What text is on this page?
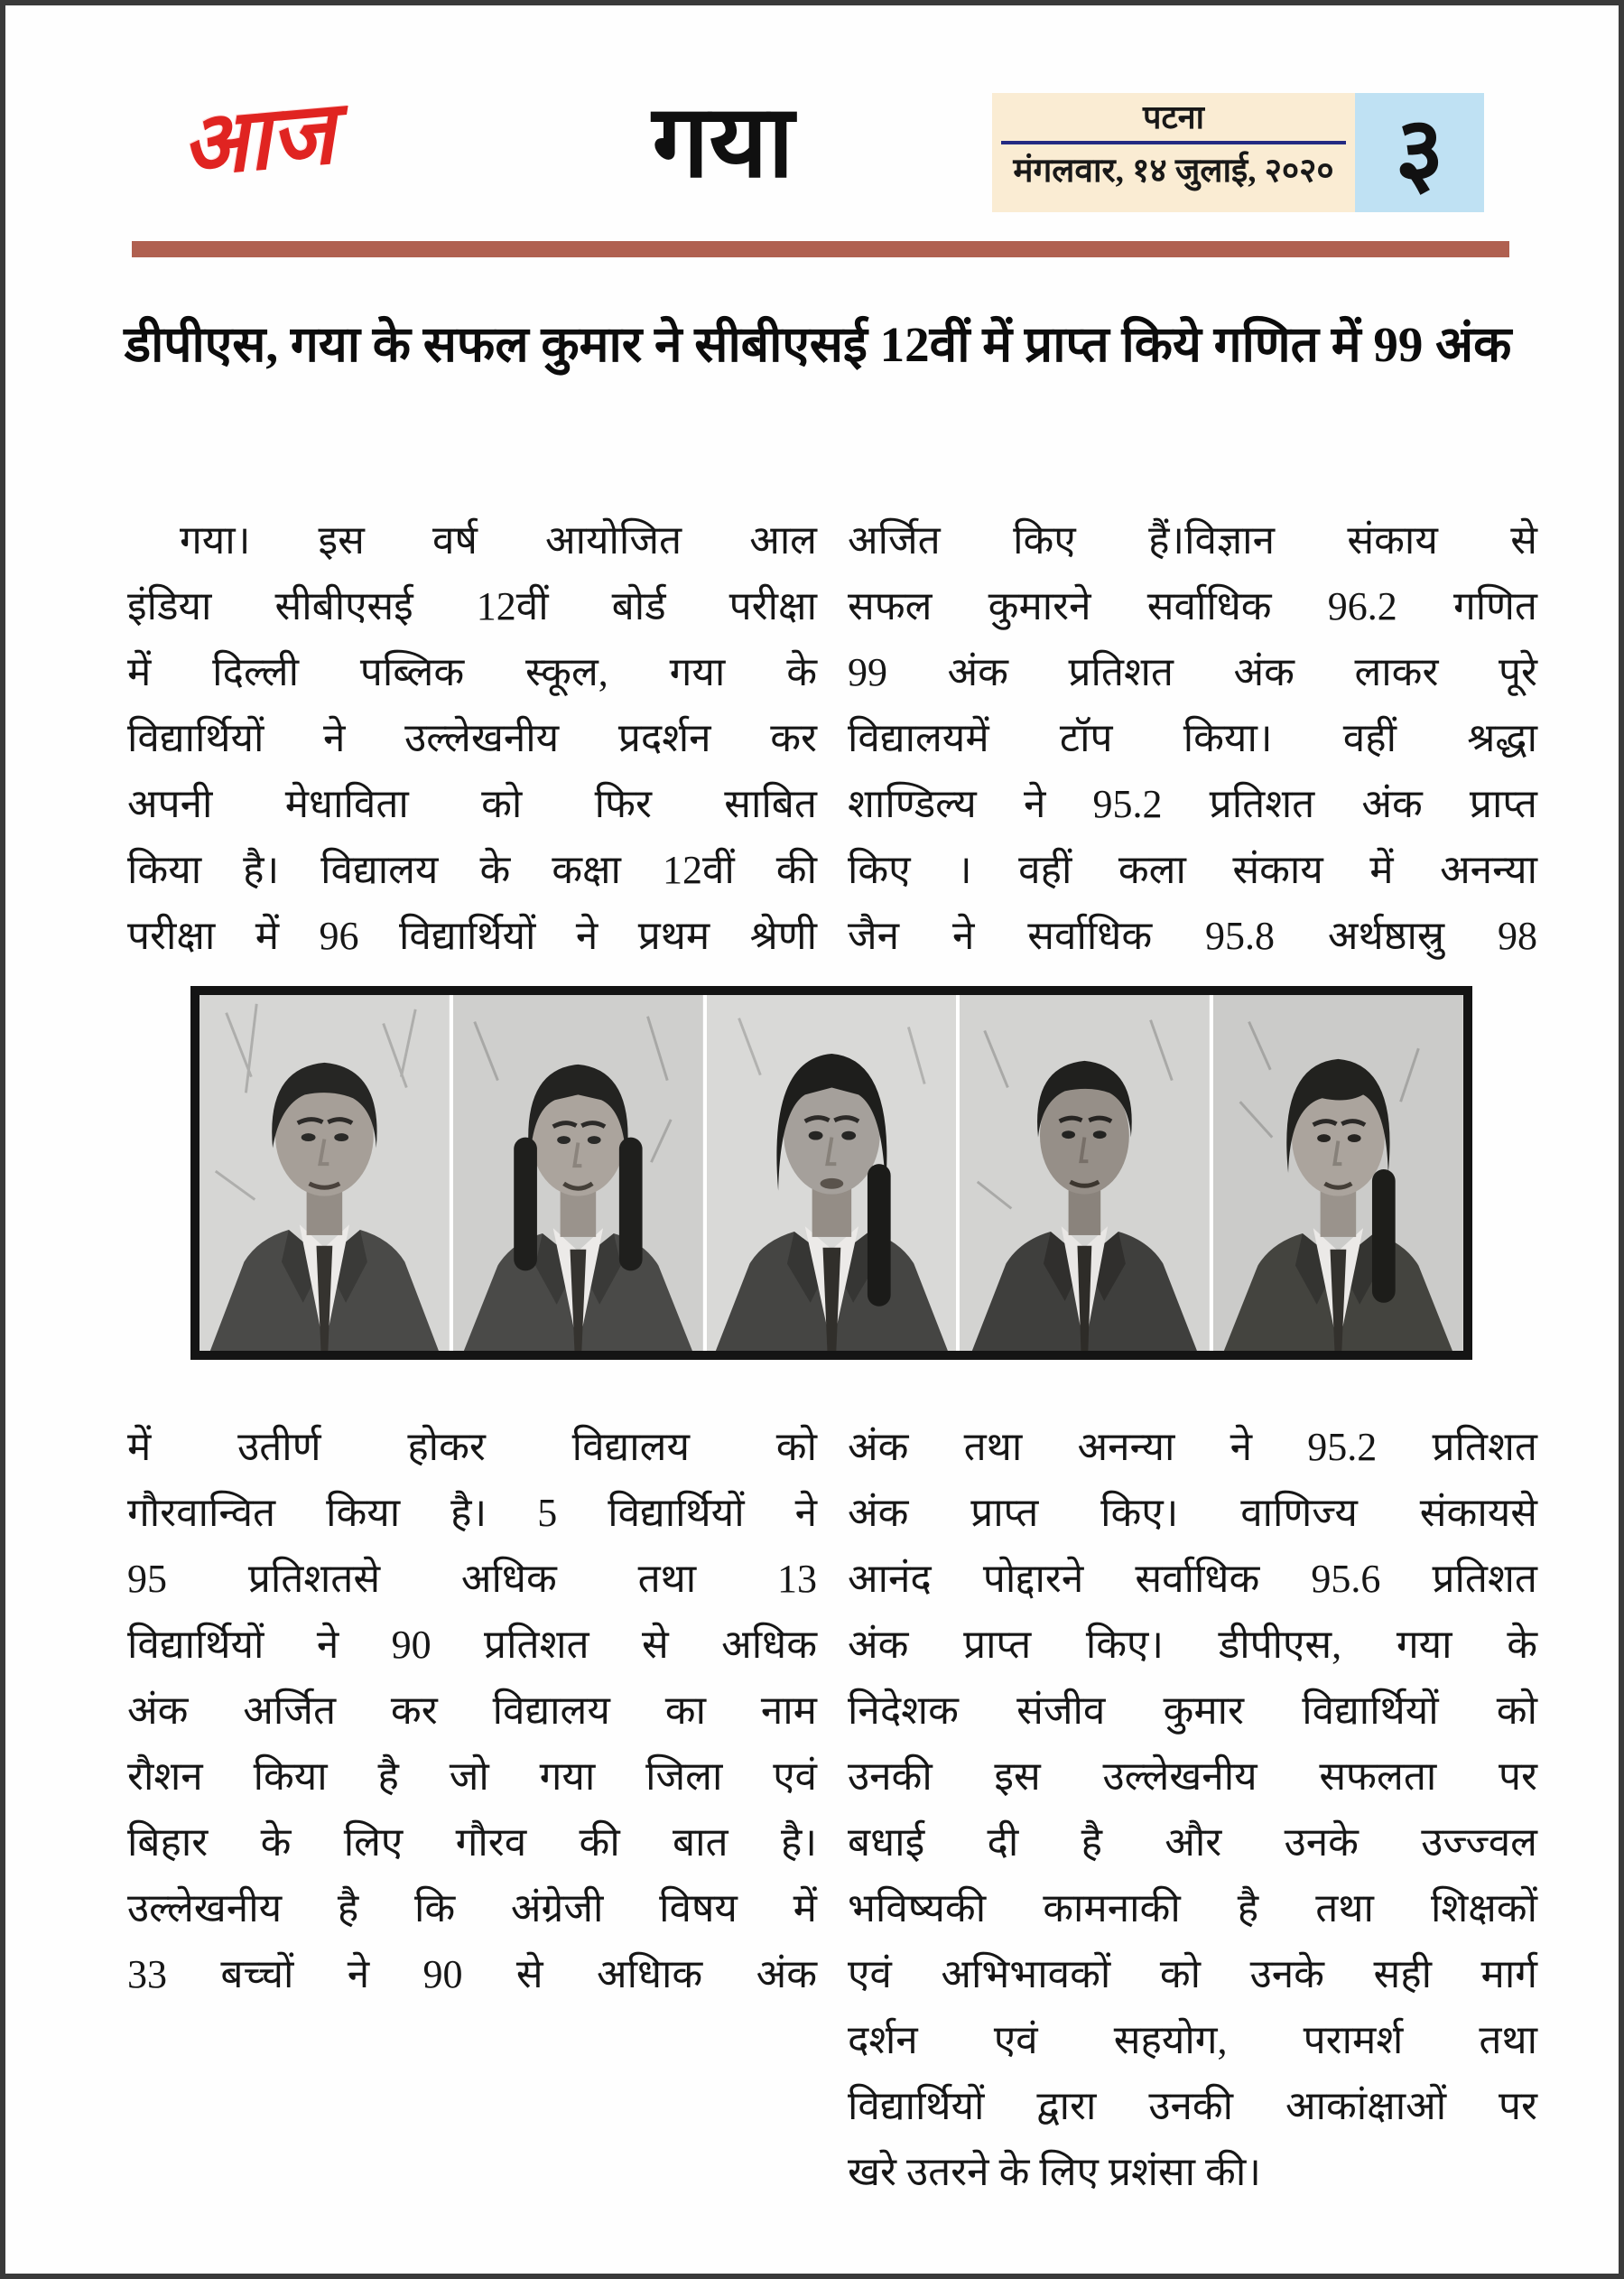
आज	गया	पटना
मंगलवार, १४ जुलाई, २०२० ३
डीपीएस, गया के सफल कुमार ने सीबीएसई 12वीं में प्राप्त किये गणित में 99 अंक
गया। इस वर्ष आयोजित आल
इंडिया सीबीएसई 12वीं बोर्ड परीक्षा
में दिल्ली पब्लिक स्कूल, गया के
विद्यार्थियों ने उल्लेखनीय प्रदर्शन कर
अपनी मेधाविता को फिर साबित
किया है। विद्यालय के कक्षा 12वीं की
परीक्षा में 96 विद्यार्थियों ने प्रथम श्रेणी
अर्जित किए हैं।विज्ञान संकाय से
सफल कुमारने सर्वाधिक 96.2 गणित
99 अंक प्रतिशत अंक लाकर पूरे
विद्यालयमें टॉप किया। वहीं श्रद्धा
शाण्डिल्य ने 95.2 प्रतिशत अंक प्राप्त
किए । वहीं कला संकाय में अनन्या
जैन ने सर्वाधिक 95.8 अर्थष्ठास्रु 98
में उतीर्ण होकर विद्यालय को
गौरवान्वित किया है। 5 विद्यार्थियों ने
95 प्रतिशतसे अधिक तथा 13
विद्यार्थियों ने 90 प्रतिशत से अधिक
अंक अर्जित कर विद्यालय का नाम
रौशन किया है जो गया जिला एवं
बिहार के लिए गौरव की बात है।
उल्लेखनीय है कि अंग्रेजी विषय में
33 बच्चों ने 90 से अधिाक अंक
अंक तथा अनन्या ने 95.2 प्रतिशत
अंक प्राप्त किए। वाणिज्य संकायसे
आनंद पोद्दारने सर्वाधिक 95.6 प्रतिशत
अंक प्राप्त किए। डीपीएस, गया के
निदेशक संजीव कुमार विद्यार्थियों को
उनकी इस उल्लेखनीय सफलता पर
बधाई दी है और उनके उज्ज्वल
भविष्यकी कामनाकी है तथा शिक्षकों
एवं अभिभावकों को उनके सही मार्ग
दर्शन एवं सहयोग, परामर्श तथा
विद्यार्थियों द्वारा उनकी आकांक्षाओं पर
खरे उतरने के लिए प्रशंसा की।
